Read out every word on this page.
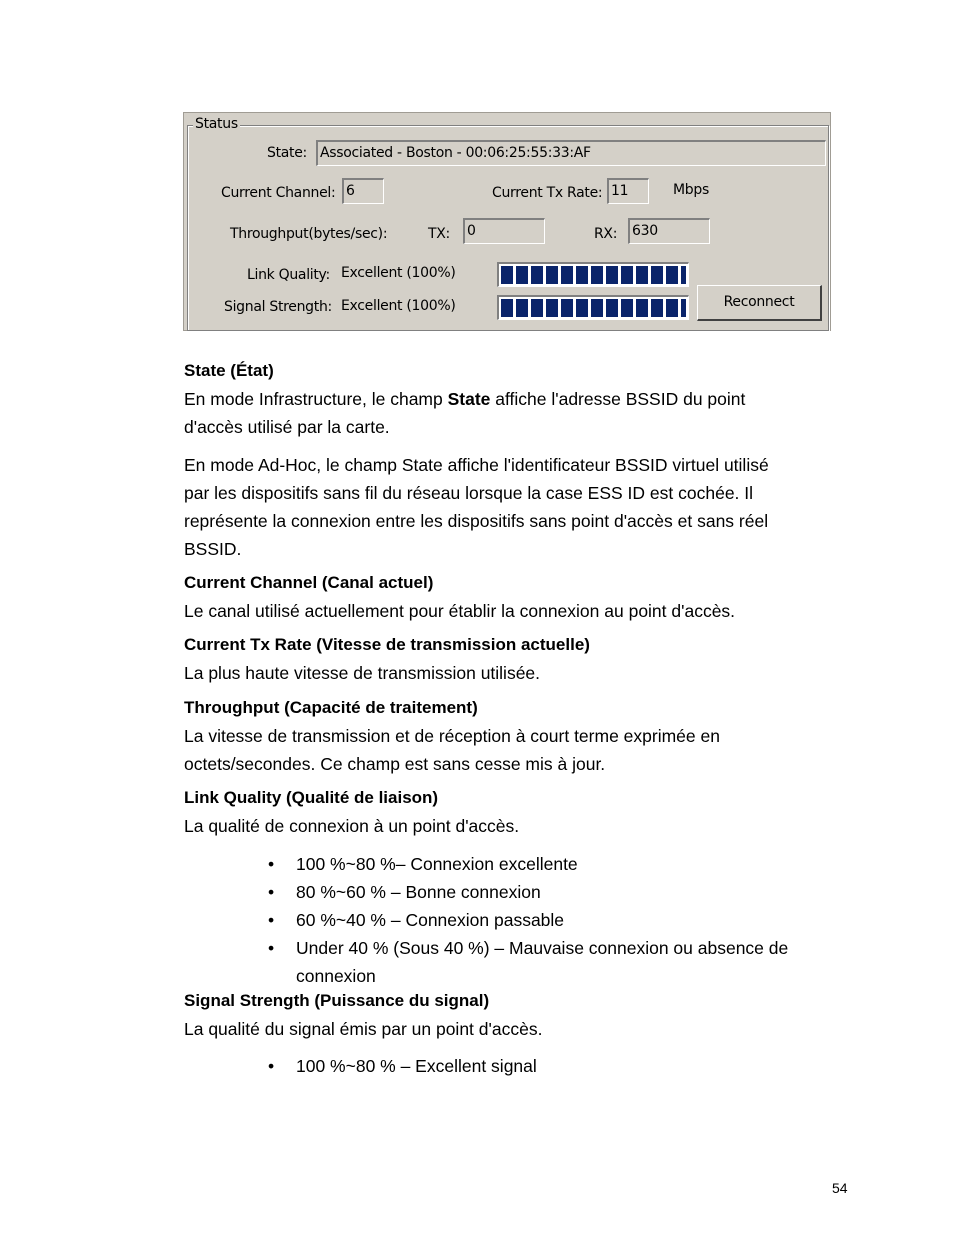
Status
State: Associated - Boston - 00:06:25:55:33:AF
Current Channel: 6	Current Tx Rate: 11	Mbps
Throughput(bytes/sec):	TX: 0	RX: 630
Link Quality: Excellent (100%)
Signal Strength: Excellent (100%)	Reconnect
State (État)
En mode Infrastructure, le champ State affiche l'adresse BSSID du point
d'accès utilisé par la carte.
En mode Ad-Hoc, le champ State affiche l'identificateur BSSID virtuel utilisé
par les dispositifs sans fil du réseau lorsque la case ESS ID est cochée. Il
représente la connexion entre les dispositifs sans point d'accès et sans réel
BSSID.
Current Channel (Canal actuel)
Le canal utilisé actuellement pour établir la connexion au point d'accès.
Current Tx Rate (Vitesse de transmission actuelle)
La plus haute vitesse de transmission utilisée.
Throughput (Capacité de traitement)
La vitesse de transmission et de réception à court terme exprimée en
octets/secondes. Ce champ est sans cesse mis à jour.
Link Quality (Qualité de liaison)
La qualité de connexion à un point d'accès.
• 100 %~80 %– Connexion excellente
• 80 %~60 % – Bonne connexion
• 60 %~40 % – Connexion passable
• Under 40 % (Sous 40 %) – Mauvaise connexion ou absence de
connexion
Signal Strength (Puissance du signal)
La qualité du signal émis par un point d'accès.
• 100 %~80 % – Excellent signal
54
